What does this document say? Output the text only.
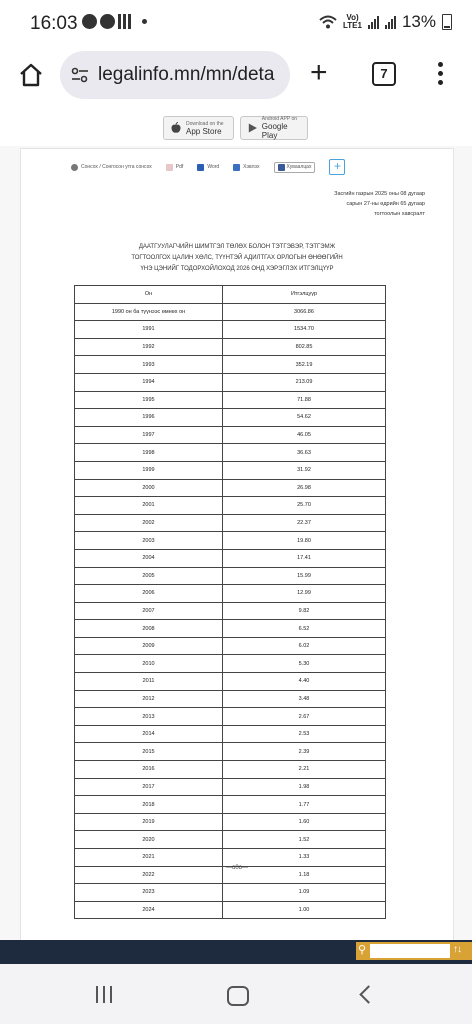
16:03	Vo)
LTE1 13%
legalinfo.mn/mn/deta +	7
Download on the
App Store
Android APP on
Google Play
Сонсох / Сонгосон утга сонсох	Pdf	Word	Хэвлэх	Хуваалцах	+
Засгийн газрын 2025 оны 08 дугаар
сарын 27-ны өдрийн 65 дугаар
тогтоолын хавсралт
ДААТГУУЛАГЧИЙН ШИМТГЭЛ ТӨЛӨХ БОЛОН ТЭТГЭВЭР, ТЭТГЭМЖ
ТОГТООЛГОХ ЦАЛИН ХӨЛС, ТҮҮНТЭЙ АДИЛТГАХ ОРЛОГЫН ӨНӨӨГИЙН
ҮНЭ ЦЭНИЙГ ТОДОРХОЙЛОХОД 2026 ОНД ХЭРЭГЛЭХ ИТГЭЛЦҮҮР
Он	Итгэлцүүр
1990 он ба түүнээс өмнөх он	3066.86
1991	1534.70
1992	802.85
1993	352.19
1994	213.09
1995	71.88
1996	54.62
1997	46.05
1998	36.63
1999	31.92
2000	26.98
2001	25.70
2002	22.37
2003	19.80
2004	17.41
2005	15.99
2006	12.99
2007	9.82
2008	6.52
2009	6.02
2010	5.30
2011	4.40
2012	3.48
2013	2.67
2014	2.53
2015	2.39
2016	2.21
2017	1.98
2018	1.77
2019	1.60
2020	1.52
2021	1.33
2022	1.18
2023	1.09
2024	1.00
---o0o---
⚲	↑↓
